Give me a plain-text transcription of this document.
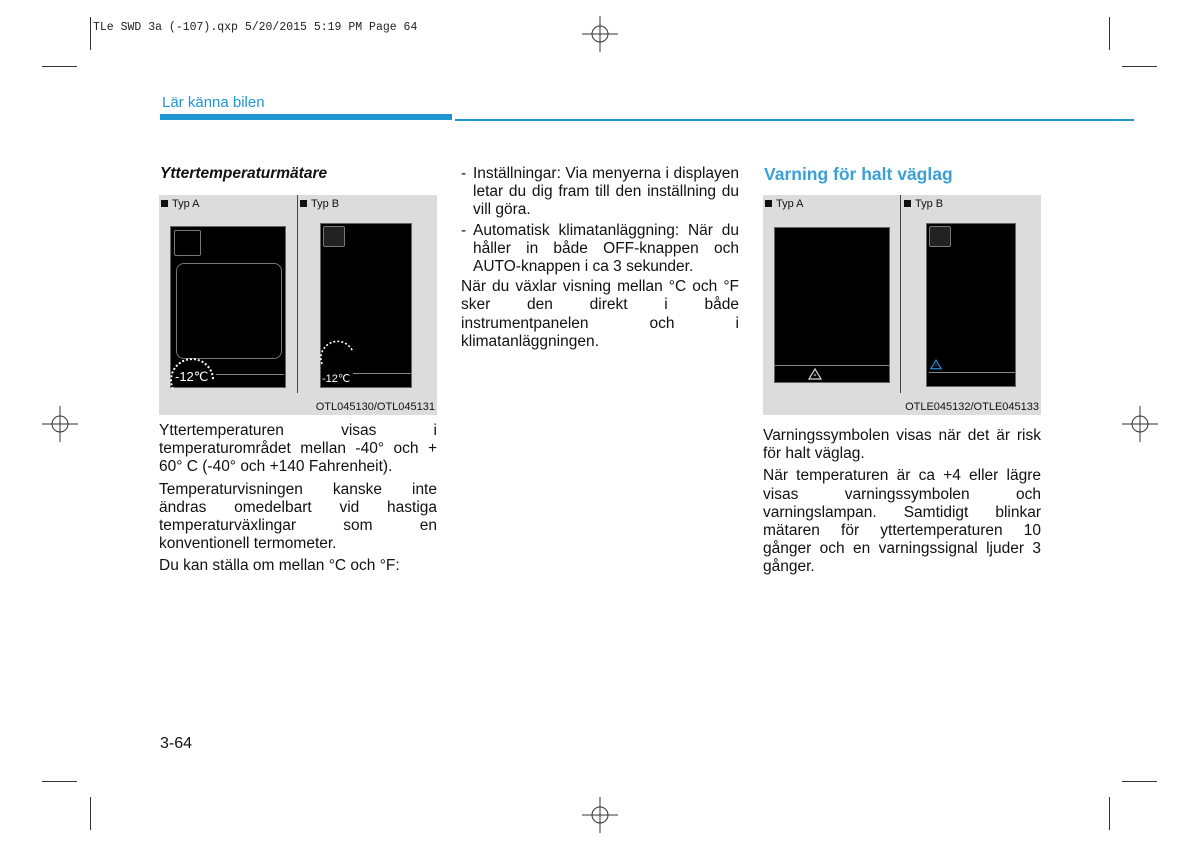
TLe SWD 3a (-107).qxp 5/20/2015 5:19 PM Page 64
Lär känna bilen
Yttertemperaturmätare
Typ A	Typ B
-12℃	-12℃
OTL045130/OTL045131

Yttertemperaturen visas i temperaturområdet mellan -40° och + 60° C (-40° och +140 Fahrenheit).

Temperaturvisningen kanske inte ändras omedelbart vid hastiga temperaturväxlingar som en konventionell termometer.

Du kan ställa om mellan °C och °F:

- Inställningar: Via menyerna i displayen letar du dig fram till den inställning du vill göra.
- Automatisk klimatanläggning: När du håller in både OFF-knappen och AUTO-knappen i ca 3 sekunder.

När du växlar visning mellan °C och °F sker den direkt i både instrumentpanelen och i klimatanläggningen.

Varning för halt väglag
Typ A	Typ B
*
*
OTLE045132/OTLE045133

Varningssymbolen visas när det är risk för halt väglag.

När temperaturen är ca +4 eller lägre visas varningssymbolen och varningslampan. Samtidigt blinkar mätaren för yttertemperaturen 10 gånger och en varningssignal ljuder 3 gånger.

3-64
